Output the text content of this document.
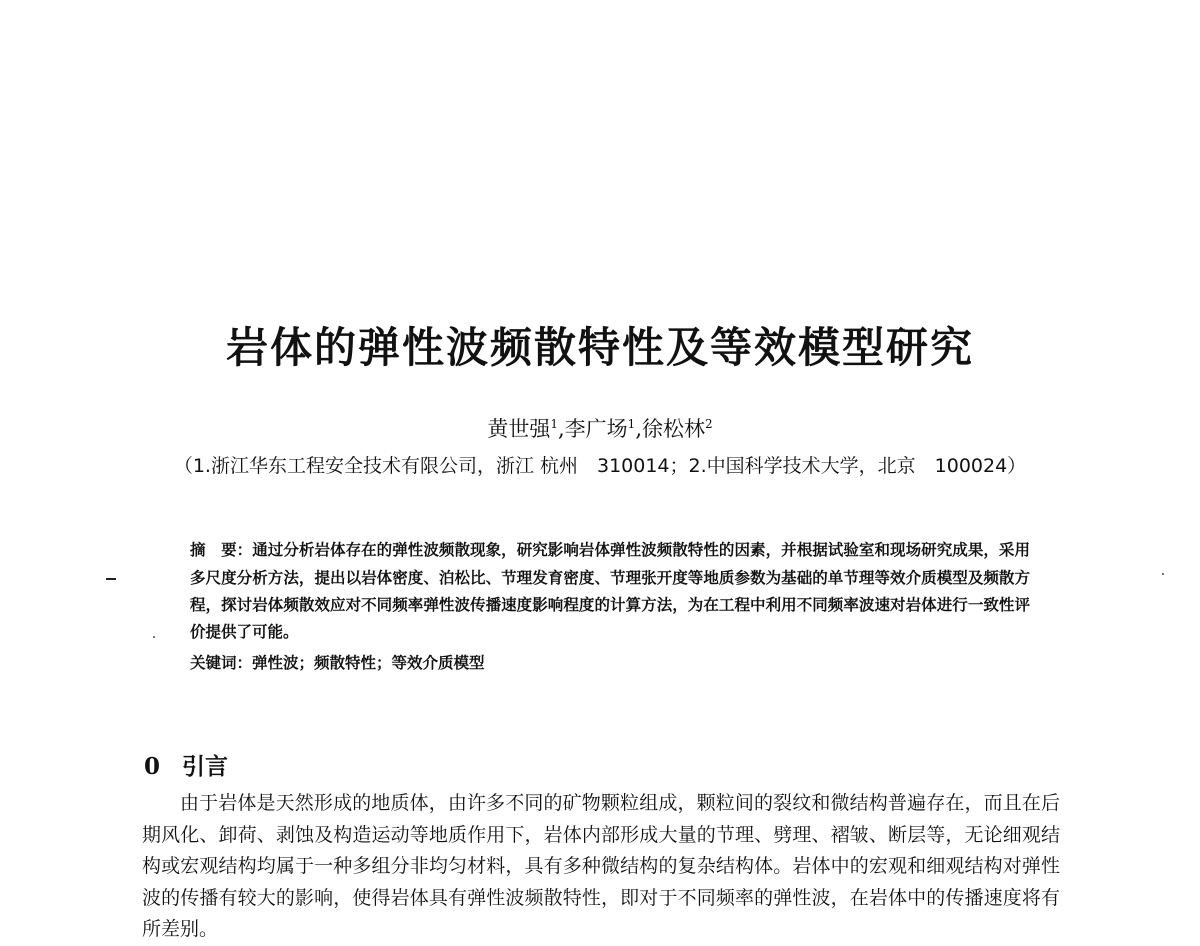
岩体的弹性波频散特性及等效模型研究
黄世强$^1$,李广场$^1$,徐松林$^2$
（1.浙江华东工程安全技术有限公司，浙江 杭州　310014；2.中国科学技术大学，北京　100024）
摘　要：通过分析岩体存在的弹性波频散现象，研究影响岩体弹性波频散特性的因素，并根据试验室和现场研究成果，采用多尺度分析方法，提出以岩体密度、泊松比、节理发育密度、节理张开度等地质参数为基础的单节理等效介质模型及频散方程，探讨岩体频散效应对不同频率弹性波传播速度影响程度的计算方法，为在工程中利用不同频率波速对岩体进行一致性评价提供了可能。
关键词：弹性波；频散特性；等效介质模型
0 引言
由于岩体是天然形成的地质体，由许多不同的矿物颗粒组成，颗粒间的裂纹和微结构普遍存在，而且在后期风化、卸荷、剥蚀及构造运动等地质作用下，岩体内部形成大量的节理、劈理、褶皱、断层等，无论细观结构或宏观结构均属于一种多组分非均匀材料，具有多种微结构的复杂结构体。岩体中的宏观和细观结构对弹性波的传播有较大的影响，使得岩体具有弹性波频散特性，即对于不同频率的弹性波，在岩体中的传播速度将有所差别。
